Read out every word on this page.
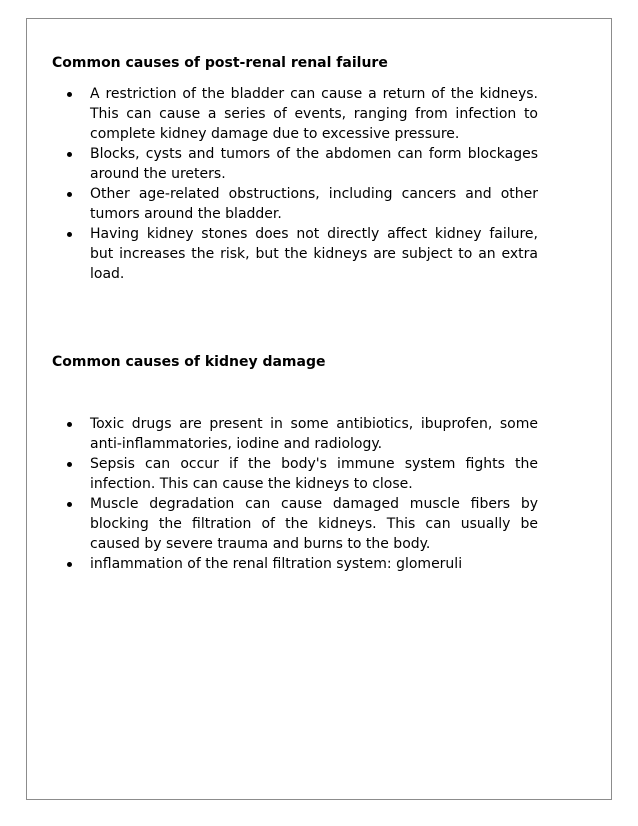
Common causes of post-renal renal failure
A restriction of the bladder can cause a return of the kidneys. This can cause a series of events, ranging from infection to complete kidney damage due to excessive pressure.
Blocks, cysts and tumors of the abdomen can form blockages around the ureters.
Other age-related obstructions, including cancers and other tumors around the bladder.
Having kidney stones does not directly affect kidney failure, but increases the risk, but the kidneys are subject to an extra load.
Common causes of kidney damage
Toxic drugs are present in some antibiotics, ibuprofen, some anti-inflammatories, iodine and radiology.
Sepsis can occur if the body's immune system fights the infection. This can cause the kidneys to close.
Muscle degradation can cause damaged muscle fibers by blocking the filtration of the kidneys. This can usually be caused by severe trauma and burns to the body.
inflammation of the renal filtration system: glomeruli
